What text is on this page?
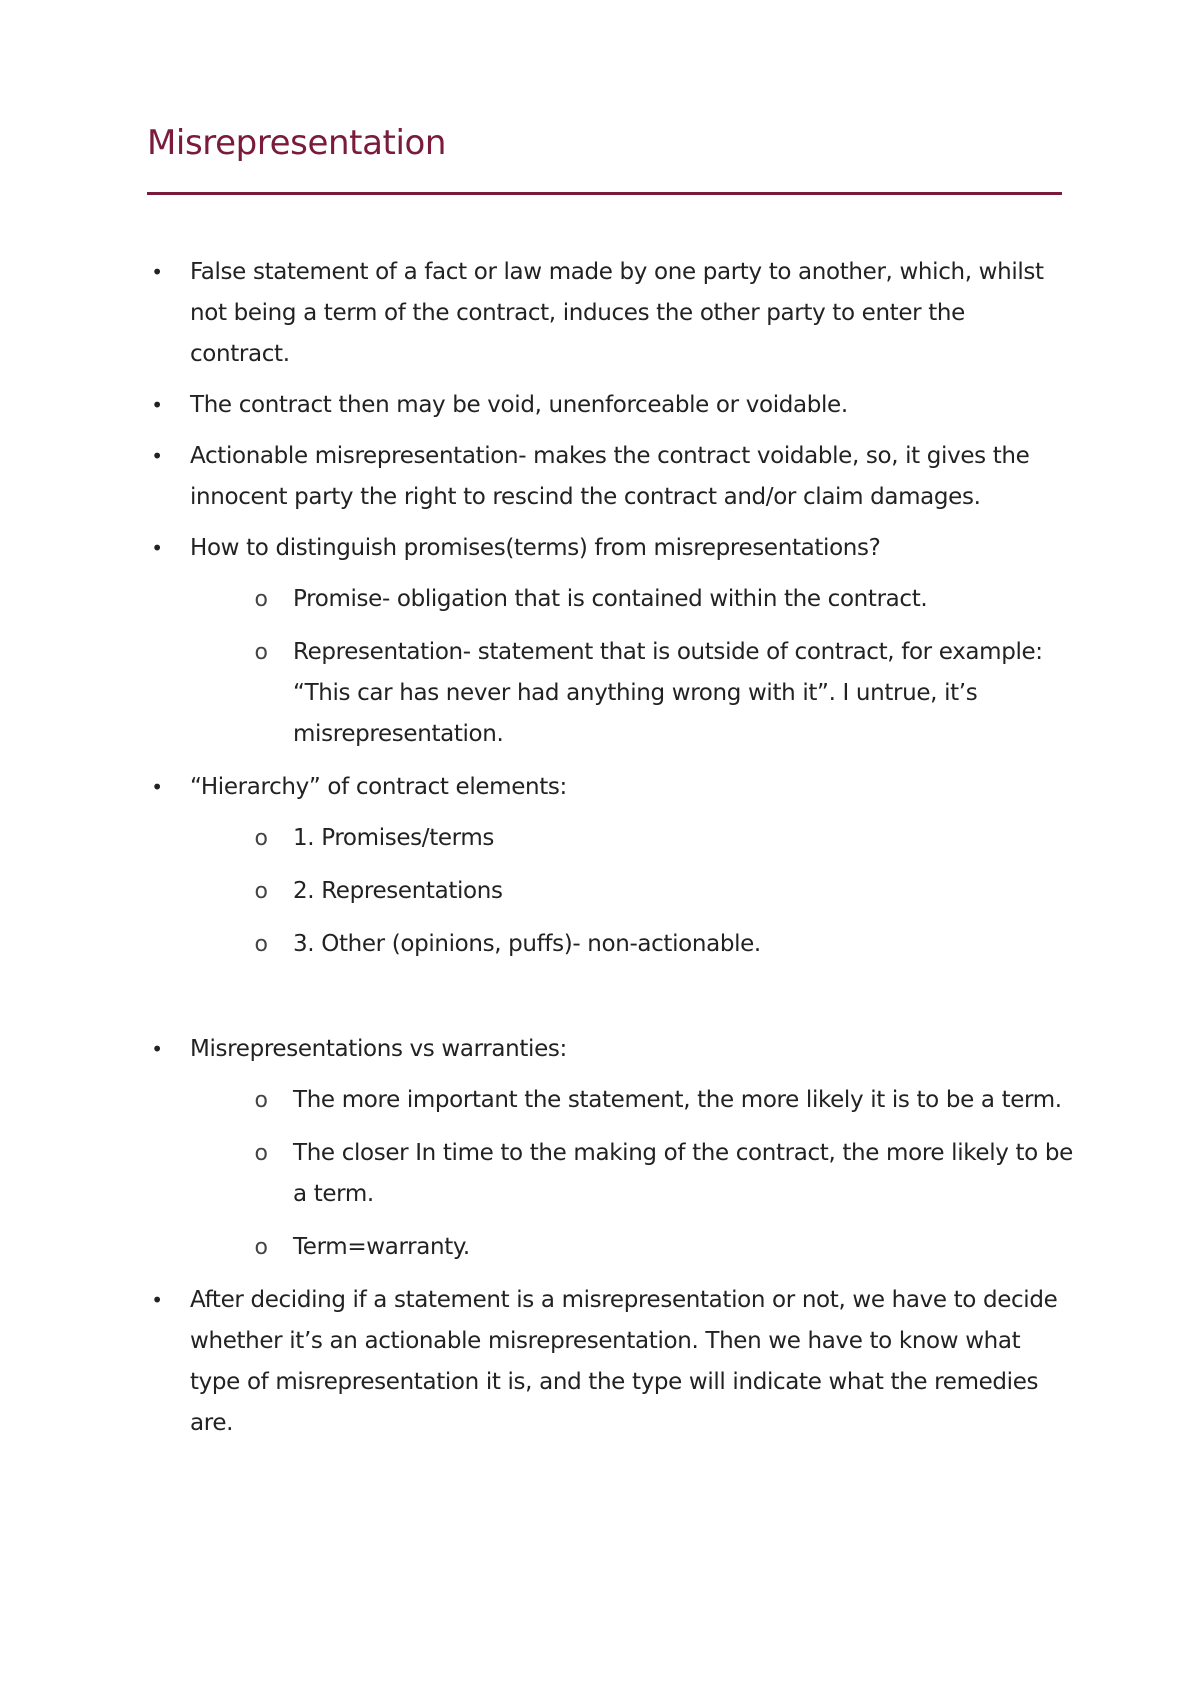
Misrepresentation
• False statement of a fact or law made by one party to another, which, whilst not being a term of the contract, induces the other party to enter the contract.
• The contract then may be void, unenforceable or voidable.
• Actionable misrepresentation- makes the contract voidable, so, it gives the innocent party the right to rescind the contract and/or claim damages.
• How to distinguish promises(terms) from misrepresentations?
o Promise- obligation that is contained within the contract.
o Representation- statement that is outside of contract, for example: “This car has never had anything wrong with it”. I untrue, it’s misrepresentation.
• “Hierarchy” of contract elements:
o 1. Promises/terms
o 2. Representations
o 3. Other (opinions, puffs)- non-actionable.
• Misrepresentations vs warranties:
o The more important the statement, the more likely it is to be a term.
o The closer In time to the making of the contract, the more likely to be a term.
o Term=warranty.
• After deciding if a statement is a misrepresentation or not, we have to decide whether it’s an actionable misrepresentation. Then we have to know what type of misrepresentation it is, and the type will indicate what the remedies are.
